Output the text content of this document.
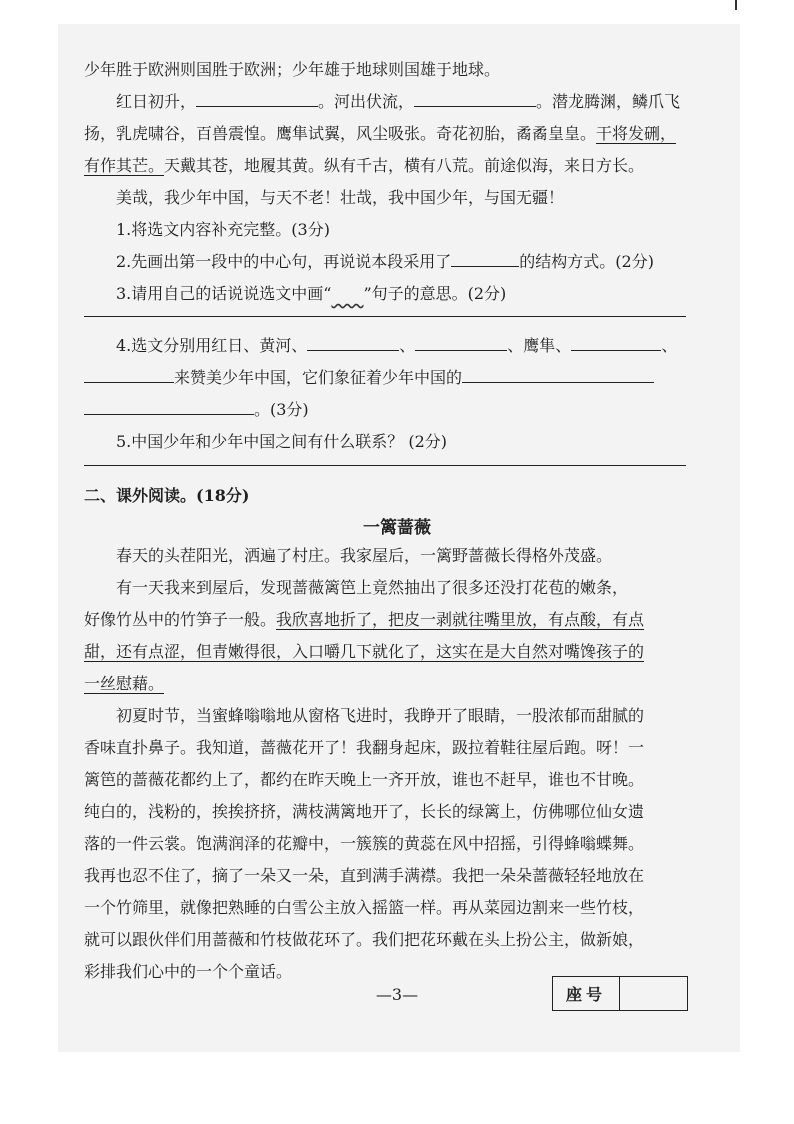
少年胜于欧洲则国胜于欧洲；少年雄于地球则国雄于地球。
红日初升，	。河出伏流，	。潜龙腾渊，鳞爪飞
扬，乳虎啸谷，百兽震惶。鹰隼试翼，风尘吸张。奇花初胎，矞矞皇皇。干将发硎，
有作其芒。天戴其苍，地履其黄。纵有千古，横有八荒。前途似海，来日方长。
美哉，我少年中国，与天不老！壮哉，我中国少年，与国无疆！
1.将选文内容补充完整。(3分)
2.先画出第一段中的中心句，再说说本段采用了	的结构方式。(2分)
3.请用自己的话说说选文中画“   ”句子的意思。(2分)
4.选文分别用红日、黄河、	、	、鹰隼、	、
来赞美少年中国，它们象征着少年中国的
。(3分)
5.中国少年和少年中国之间有什么联系？ (2分)
二、课外阅读。(18分)
一篱蔷薇
春天的头茬阳光，洒遍了村庄。我家屋后，一篱野蔷薇长得格外茂盛。
有一天我来到屋后，发现蔷薇篱笆上竟然抽出了很多还没打花苞的嫩条，
好像竹丛中的竹笋子一般。我欣喜地折了，把皮一剥就往嘴里放，有点酸，有点
甜，还有点涩，但青嫩得很，入口嚼几下就化了，这实在是大自然对嘴馋孩子的
一丝慰藉。
初夏时节，当蜜蜂嗡嗡地从窗格飞进时，我睁开了眼睛，一股浓郁而甜腻的
香味直扑鼻子。我知道，蔷薇花开了！我翻身起床，趿拉着鞋往屋后跑。呀！一
篱笆的蔷薇花都约上了，都约在昨天晚上一齐开放，谁也不赶早，谁也不甘晚。
纯白的，浅粉的，挨挨挤挤，满枝满篱地开了，长长的绿篱上，仿佛哪位仙女遗
落的一件云裳。饱满润泽的花瓣中，一簇簇的黄蕊在风中招摇，引得蜂嗡蝶舞。
我再也忍不住了，摘了一朵又一朵，直到满手满襟。我把一朵朵蔷薇轻轻地放在
一个竹筛里，就像把熟睡的白雪公主放入摇篮一样。再从菜园边割来一些竹枝，
就可以跟伙伴们用蔷薇和竹枝做花环了。我们把花环戴在头上扮公主，做新娘，
彩排我们心中的一个个童话。
—3—	座号
